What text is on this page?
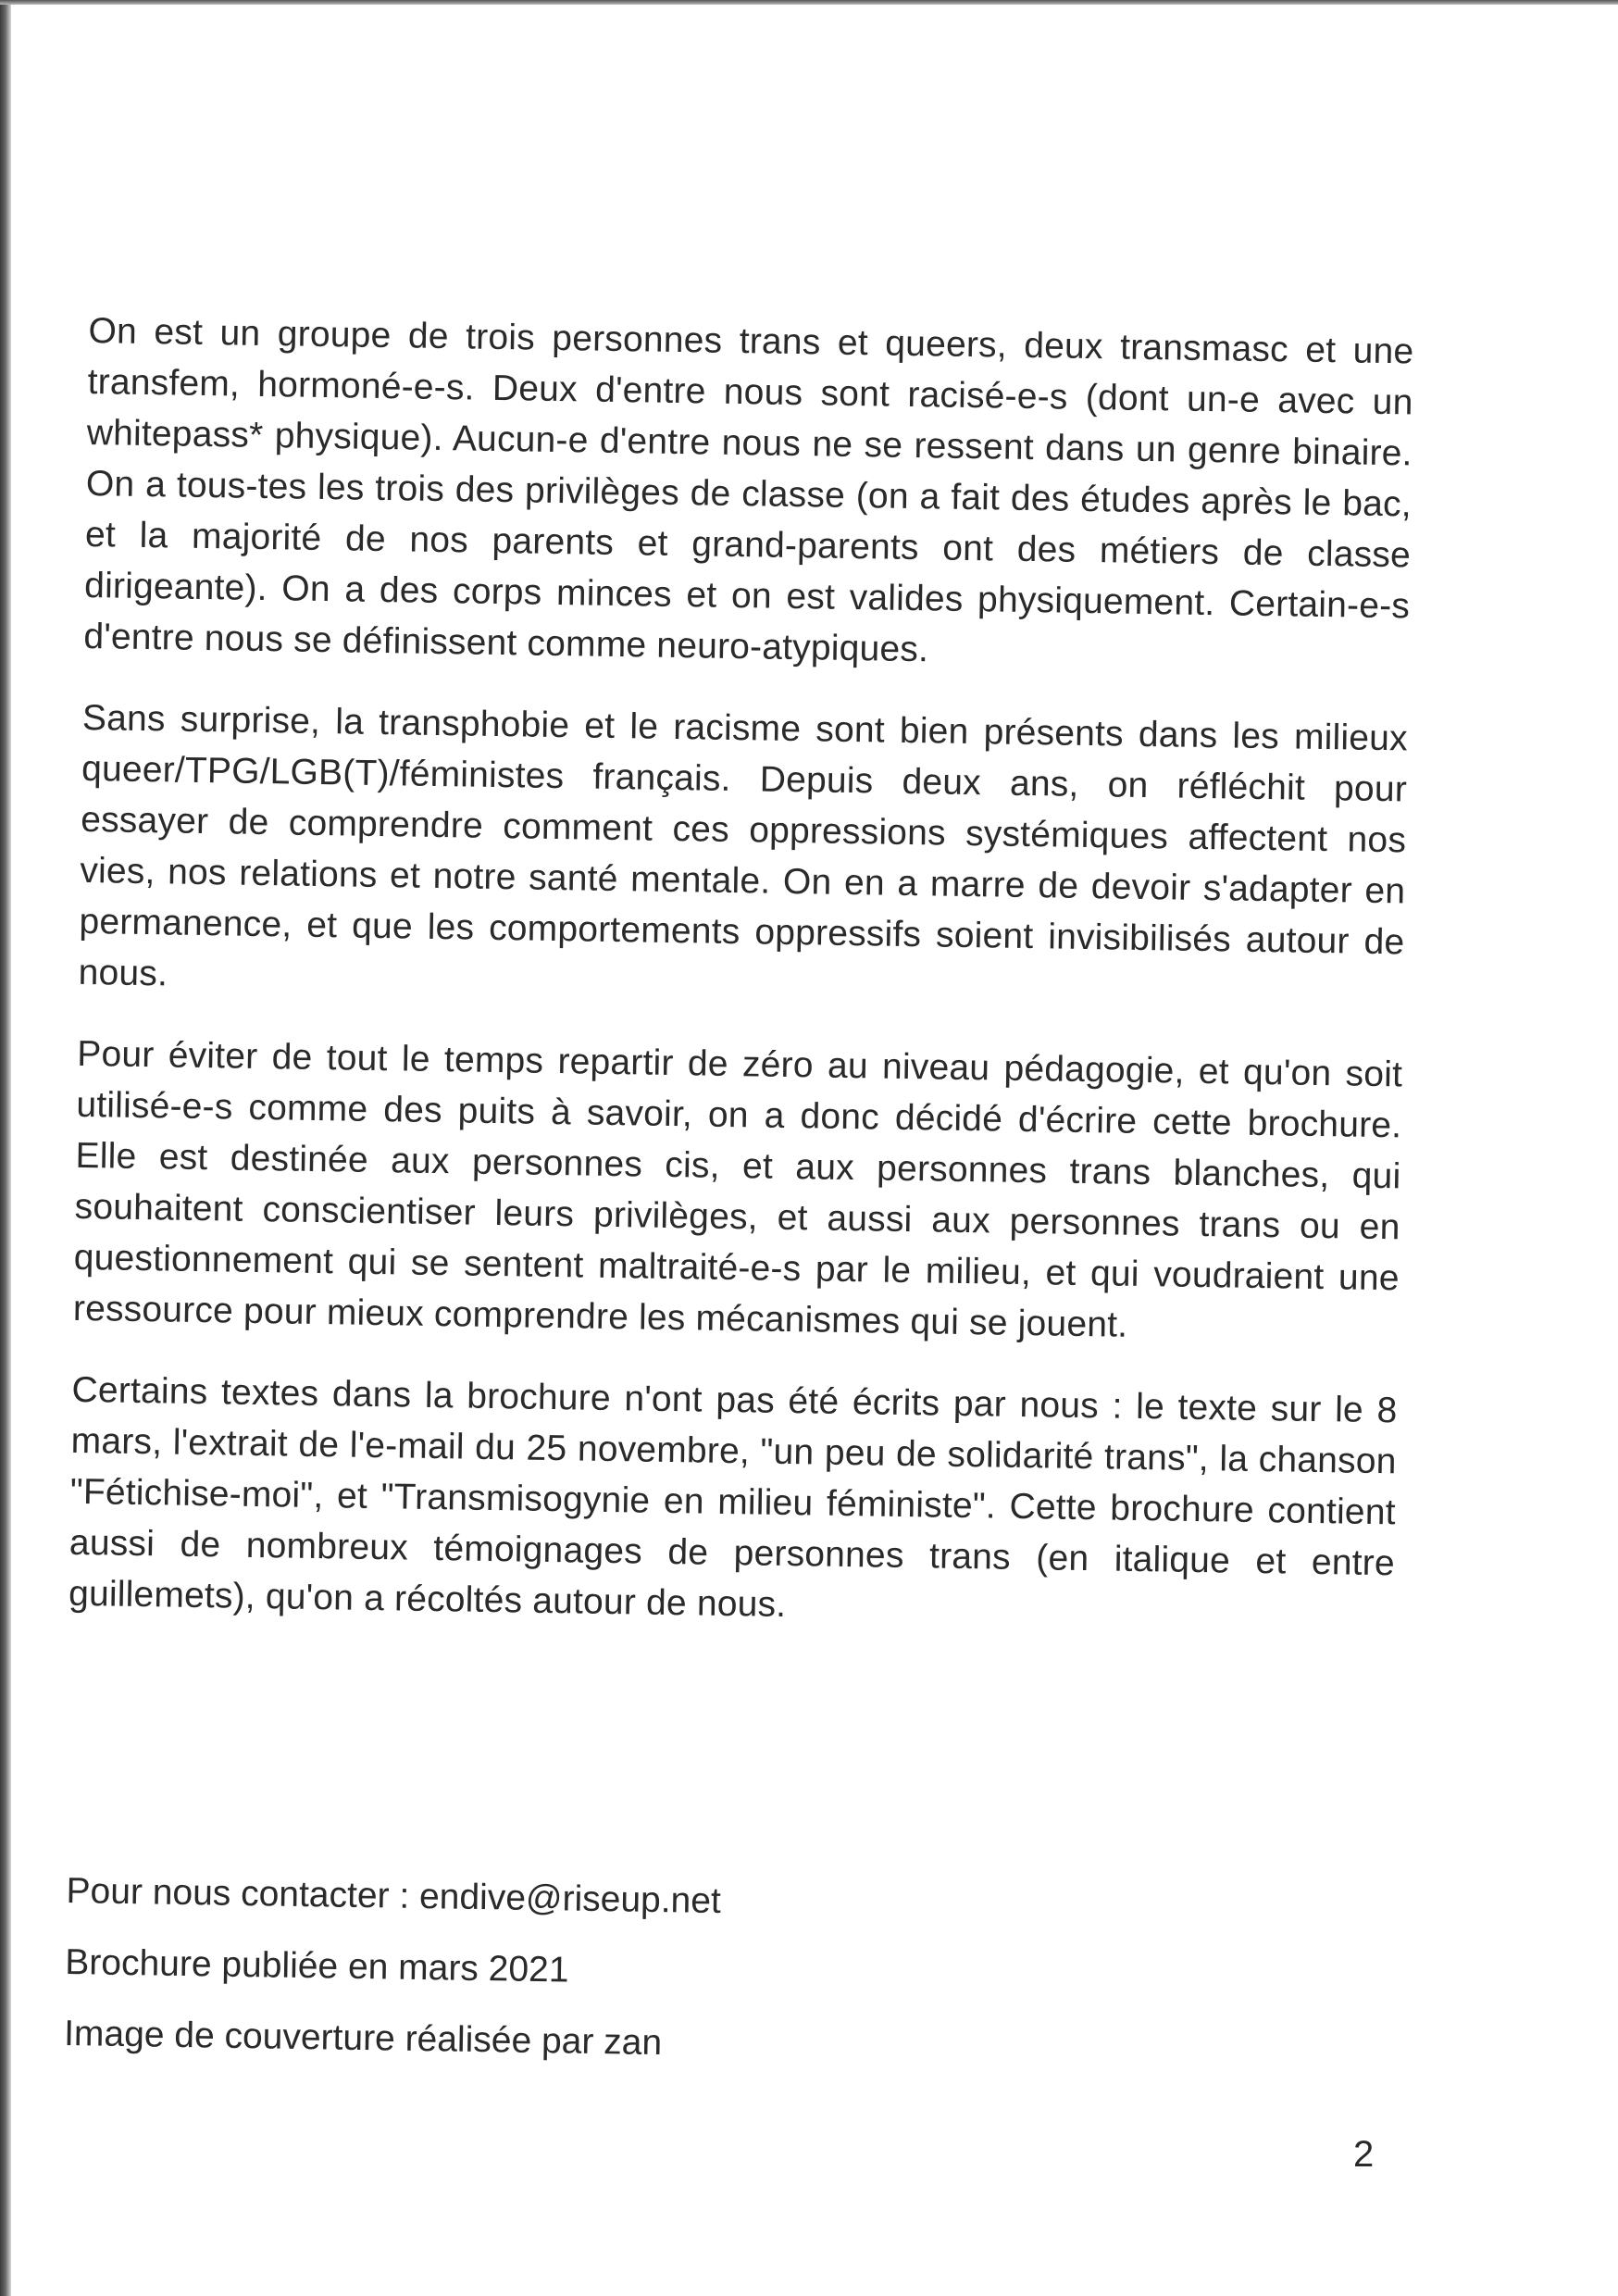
On est un groupe de trois personnes trans et queers, deux transmasc et une transfem, hormoné-e-s. Deux d'entre nous sont racisé-e-s (dont un-e avec un whitepass* physique). Aucun-e d'entre nous ne se ressent dans un genre binaire. On a tous-tes les trois des privilèges de classe (on a fait des études après le bac, et la majorité de nos parents et grand-parents ont des métiers de classe dirigeante). On a des corps minces et on est valides physiquement. Certain-e-s d'entre nous se définissent comme neuro-atypiques.

Sans surprise, la transphobie et le racisme sont bien présents dans les milieux queer/TPG/LGB(T)/féministes français. Depuis deux ans, on réfléchit pour essayer de comprendre comment ces oppressions systémiques affectent nos vies, nos relations et notre santé mentale. On en a marre de devoir s'adapter en permanence, et que les comportements oppressifs soient invisibilisés autour de nous.

Pour éviter de tout le temps repartir de zéro au niveau pédagogie, et qu'on soit utilisé-e-s comme des puits à savoir, on a donc décidé d'écrire cette brochure. Elle est destinée aux personnes cis, et aux personnes trans blanches, qui souhaitent conscientiser leurs privilèges, et aussi aux personnes trans ou en questionnement qui se sentent maltraité-e-s par le milieu, et qui voudraient une ressource pour mieux comprendre les mécanismes qui se jouent.

Certains textes dans la brochure n'ont pas été écrits par nous : le texte sur le 8 mars, l'extrait de l'e-mail du 25 novembre, "un peu de solidarité trans", la chanson "Fétichise-moi", et "Transmisogynie en milieu féministe". Cette brochure contient aussi de nombreux témoignages de personnes trans (en italique et entre guillemets), qu'on a récoltés autour de nous.

Pour nous contacter : endive@riseup.net
Brochure publiée en mars 2021
Image de couverture réalisée par zan
2
